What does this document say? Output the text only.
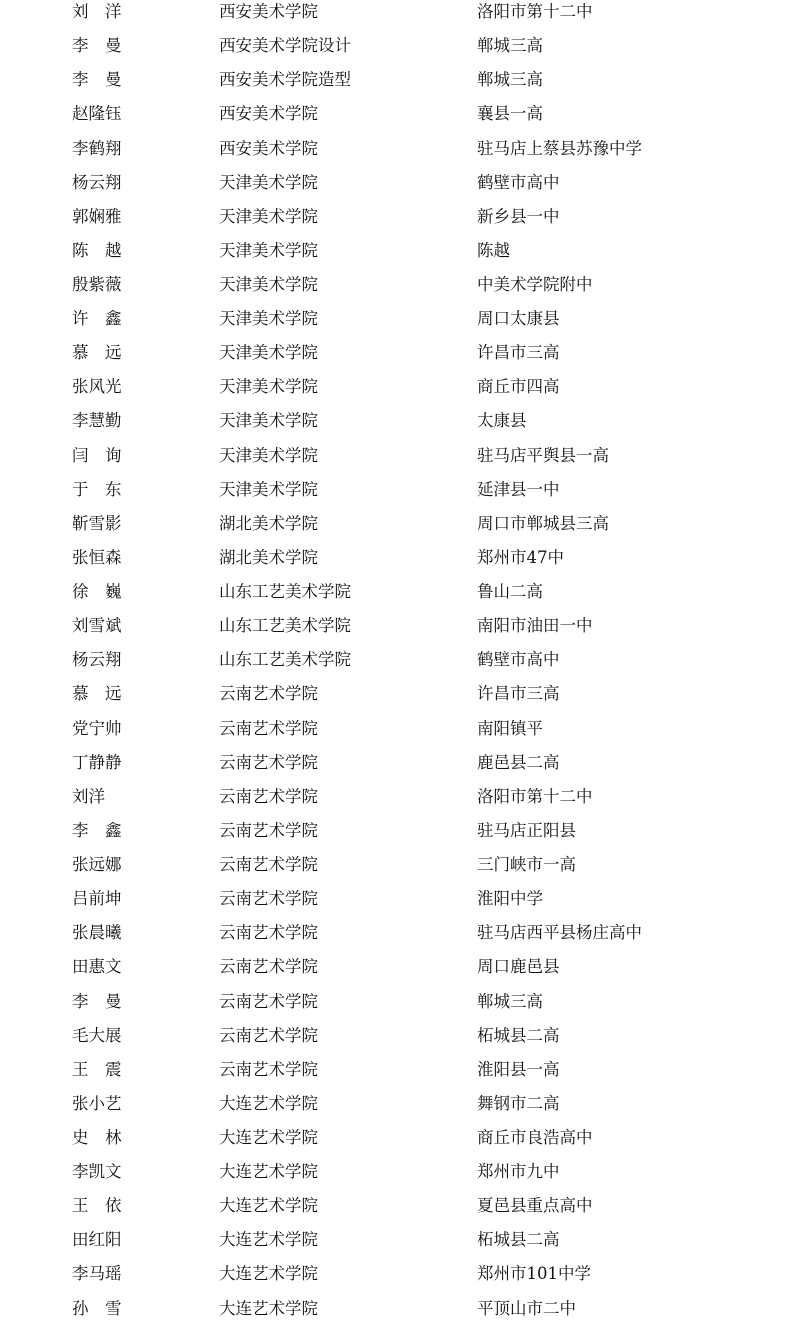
刘　洋	西安美术学院	洛阳市第十二中
李　曼	西安美术学院设计	郸城三高
李　曼	西安美术学院造型	郸城三高
赵隆钰	西安美术学院	襄县一高
李鹤翔	西安美术学院	驻马店上蔡县苏豫中学
杨云翔	天津美术学院	鹤壁市高中
郭娴雅	天津美术学院	新乡县一中
陈　越	天津美术学院	陈越
殷紫薇	天津美术学院	中美术学院附中
许　鑫	天津美术学院	周口太康县
慕　远	天津美术学院	许昌市三高
张风光	天津美术学院	商丘市四高
李慧勤	天津美术学院	太康县
闫　询	天津美术学院	驻马店平舆县一高
于　东	天津美术学院	延津县一中
靳雪影	湖北美术学院	周口市郸城县三高
张恒森	湖北美术学院	郑州市47中
徐　巍	山东工艺美术学院	鲁山二高
刘雪斌	山东工艺美术学院	南阳市油田一中
杨云翔	山东工艺美术学院	鹤壁市高中
慕　远	云南艺术学院	许昌市三高
党宁帅	云南艺术学院	南阳镇平
丁静静	云南艺术学院	鹿邑县二高
刘洋	云南艺术学院	洛阳市第十二中
李　鑫	云南艺术学院	驻马店正阳县
张远娜	云南艺术学院	三门峡市一高
吕前坤	云南艺术学院	淮阳中学
张晨曦	云南艺术学院	驻马店西平县杨庄高中
田惠文	云南艺术学院	周口鹿邑县
李　曼	云南艺术学院	郸城三高
毛大展	云南艺术学院	柘城县二高
王　震	云南艺术学院	淮阳县一高
张小艺	大连艺术学院	舞钢市二高
史　林	大连艺术学院	商丘市良浩高中
李凯文	大连艺术学院	郑州市九中
王　依	大连艺术学院	夏邑县重点高中
田红阳	大连艺术学院	柘城县二高
李马瑶	大连艺术学院	郑州市101中学
孙　雪	大连艺术学院	平顶山市二中
